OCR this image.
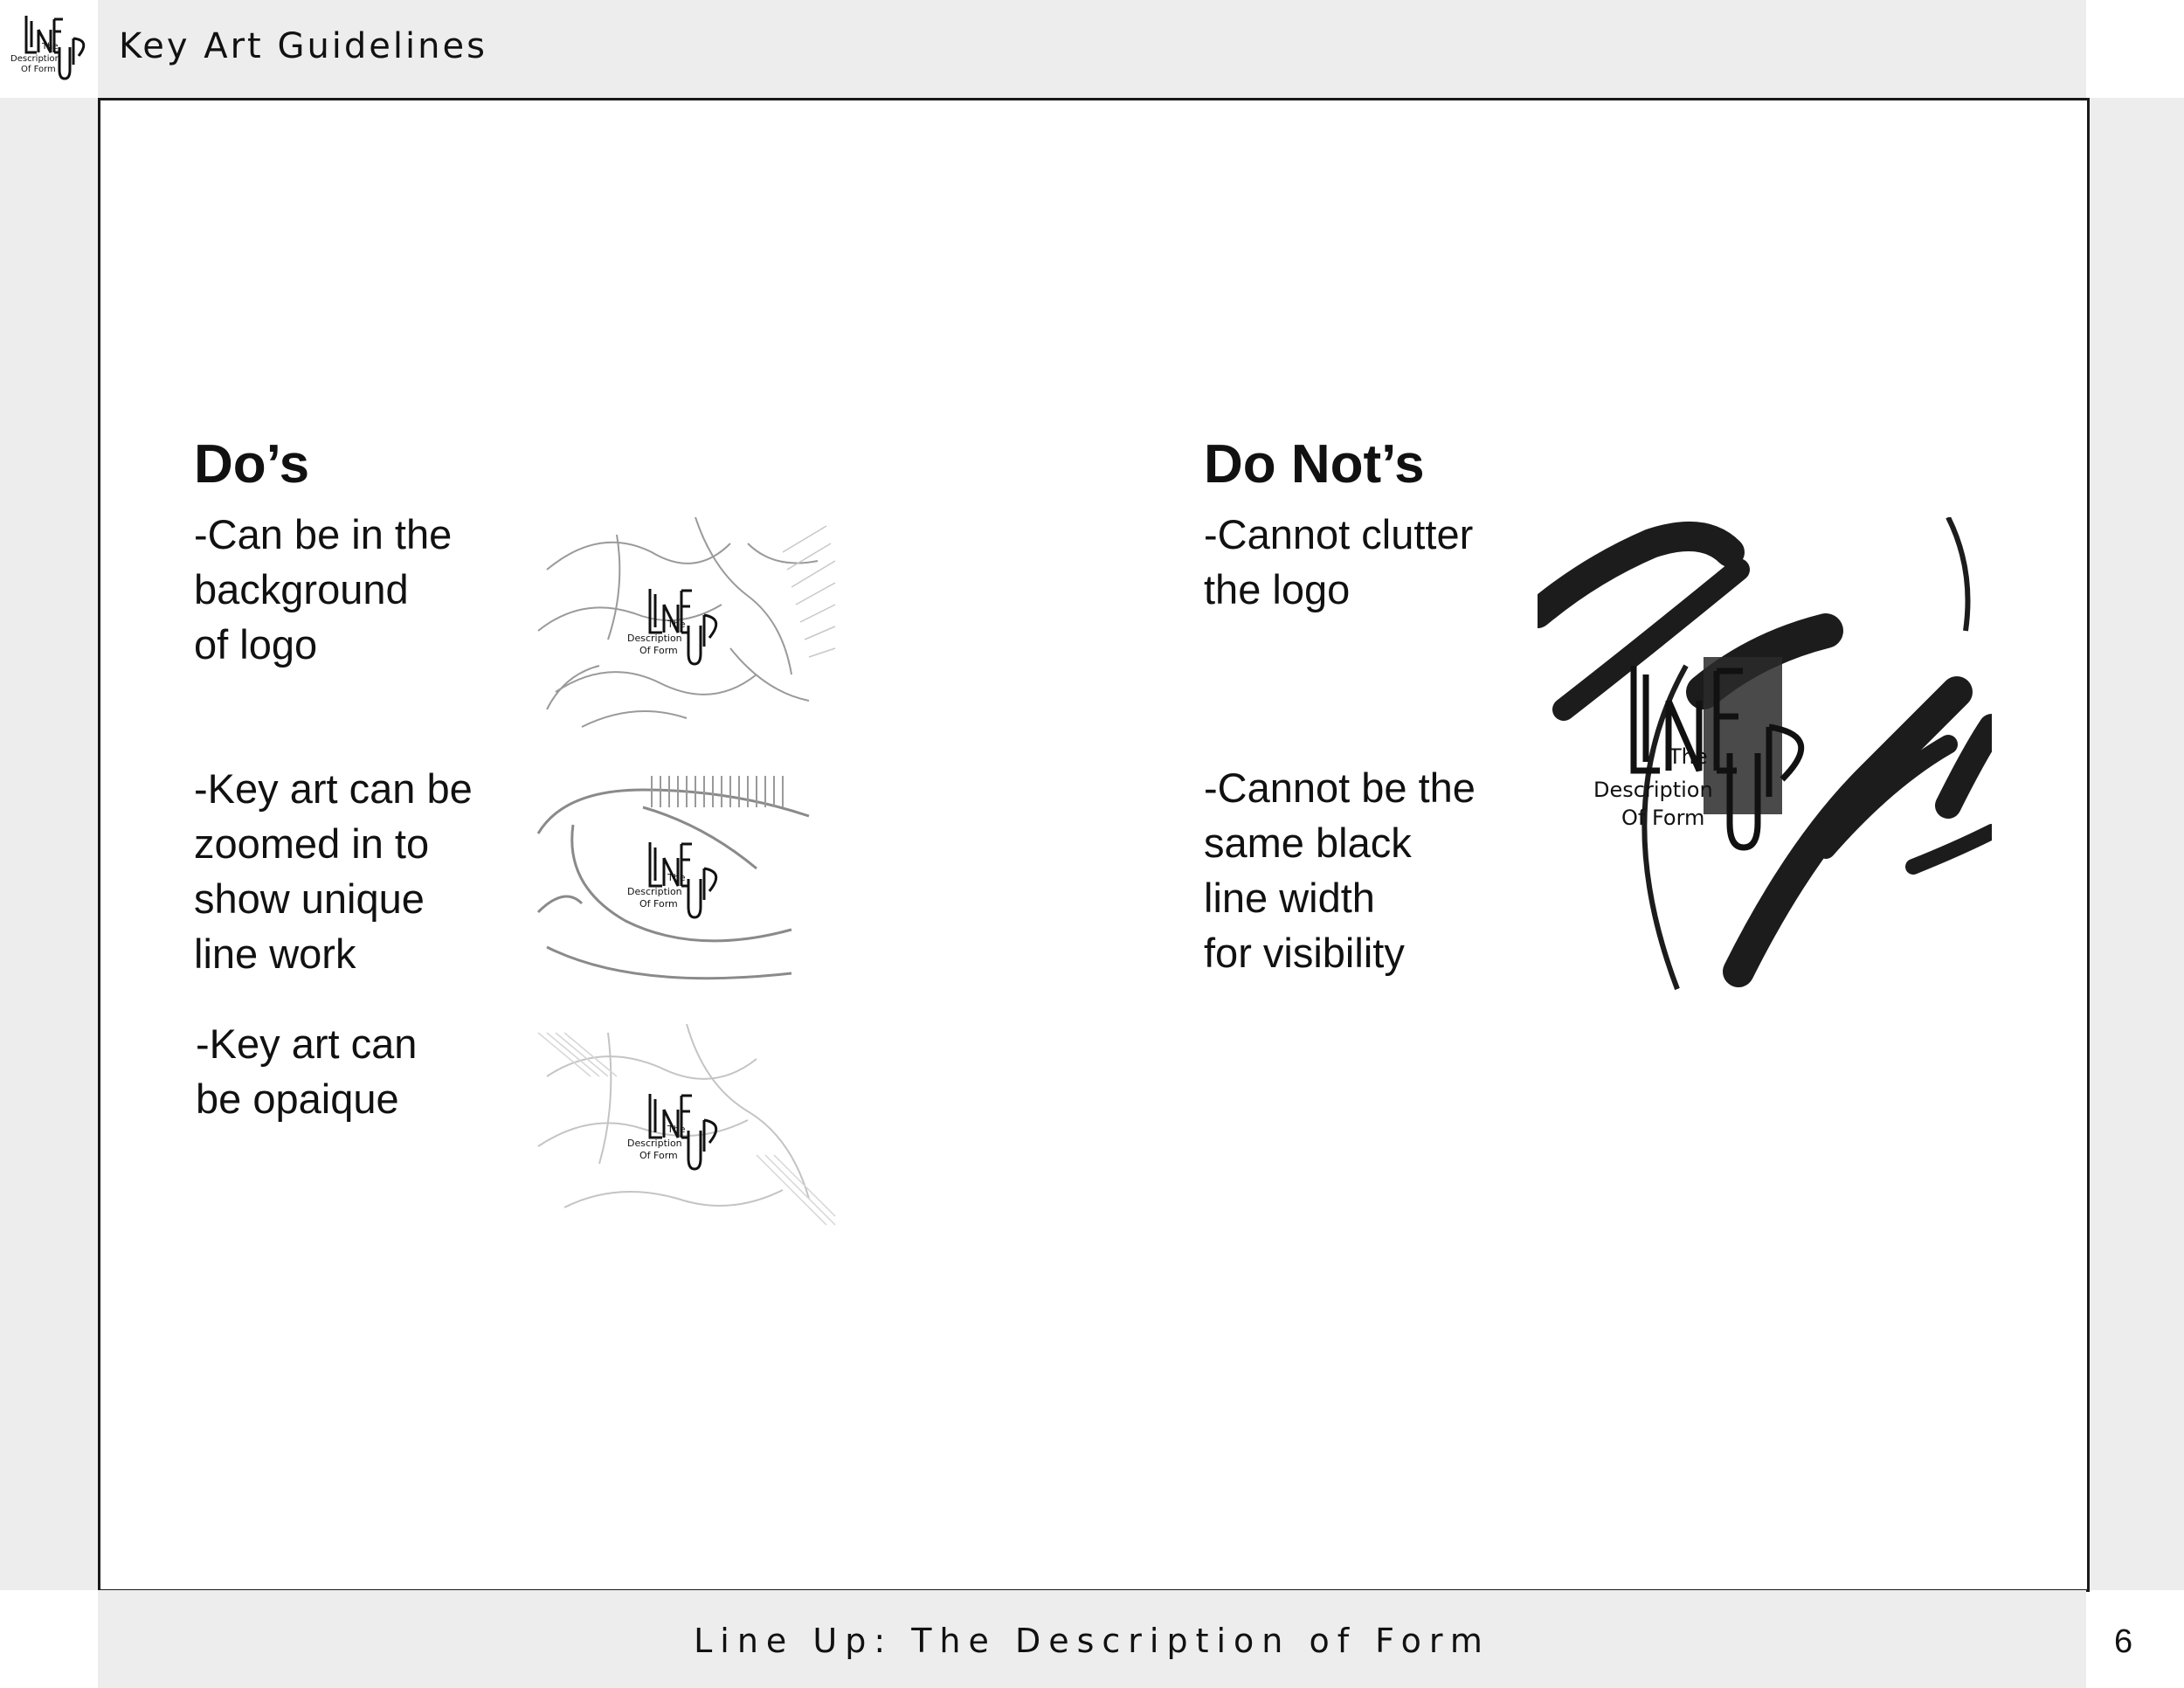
The
Description
Of Form
Key Art Guidelines
Do’s
-Can be in the
background
of logo
-Key art can be
zoomed in to
show unique
line work
-Key art can
be opaique
The
Description
Of Form
The
Description
Of Form
The
Description
Of Form
Do Not’s
-Cannot clutter
the logo
-Cannot be the
same black
line width
for visibility
The
Description
Of Form
Line Up: The Description of Form	6
